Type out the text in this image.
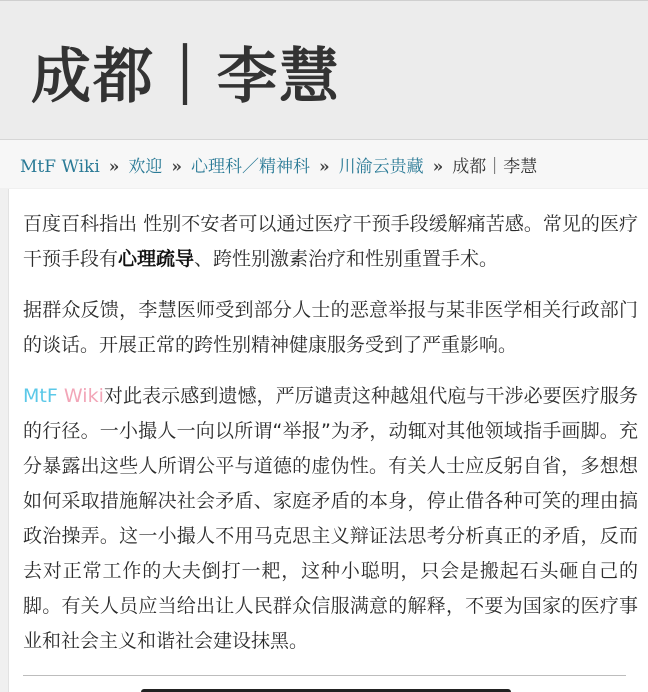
成都｜李慧
MtF Wiki » 欢迎 » 心理科／精神科 » 川渝云贵藏 » 成都｜李慧

百度百科指出 性别不安者可以通过医疗干预手段缓解痛苦感。常见的医疗干预手段有心理疏导、跨性别激素治疗和性别重置手术。

据群众反馈，李慧医师受到部分人士的恶意举报与某非医学相关行政部门的谈话。开展正常的跨性别精神健康服务受到了严重影响。

MtF Wiki对此表示感到遗憾，严厉谴责这种越俎代庖与干涉必要医疗服务的行径。一小撮人一向以所谓“举报”为矛，动辄对其他领域指手画脚。充分暴露出这些人所谓公平与道德的虚伪性。有关人士应反躬自省，多想想如何采取措施解决社会矛盾、家庭矛盾的本身，停止借各种可笑的理由搞政治操弄。这一小撮人不用马克思主义辩证法思考分析真正的矛盾，反而去对正常工作的大夫倒打一耙，这种小聪明，只会是搬起石头砸自己的脚。有关人员应当给出让人民群众信服满意的解释，不要为国家的医疗事业和社会主义和谐社会建设抹黑。
